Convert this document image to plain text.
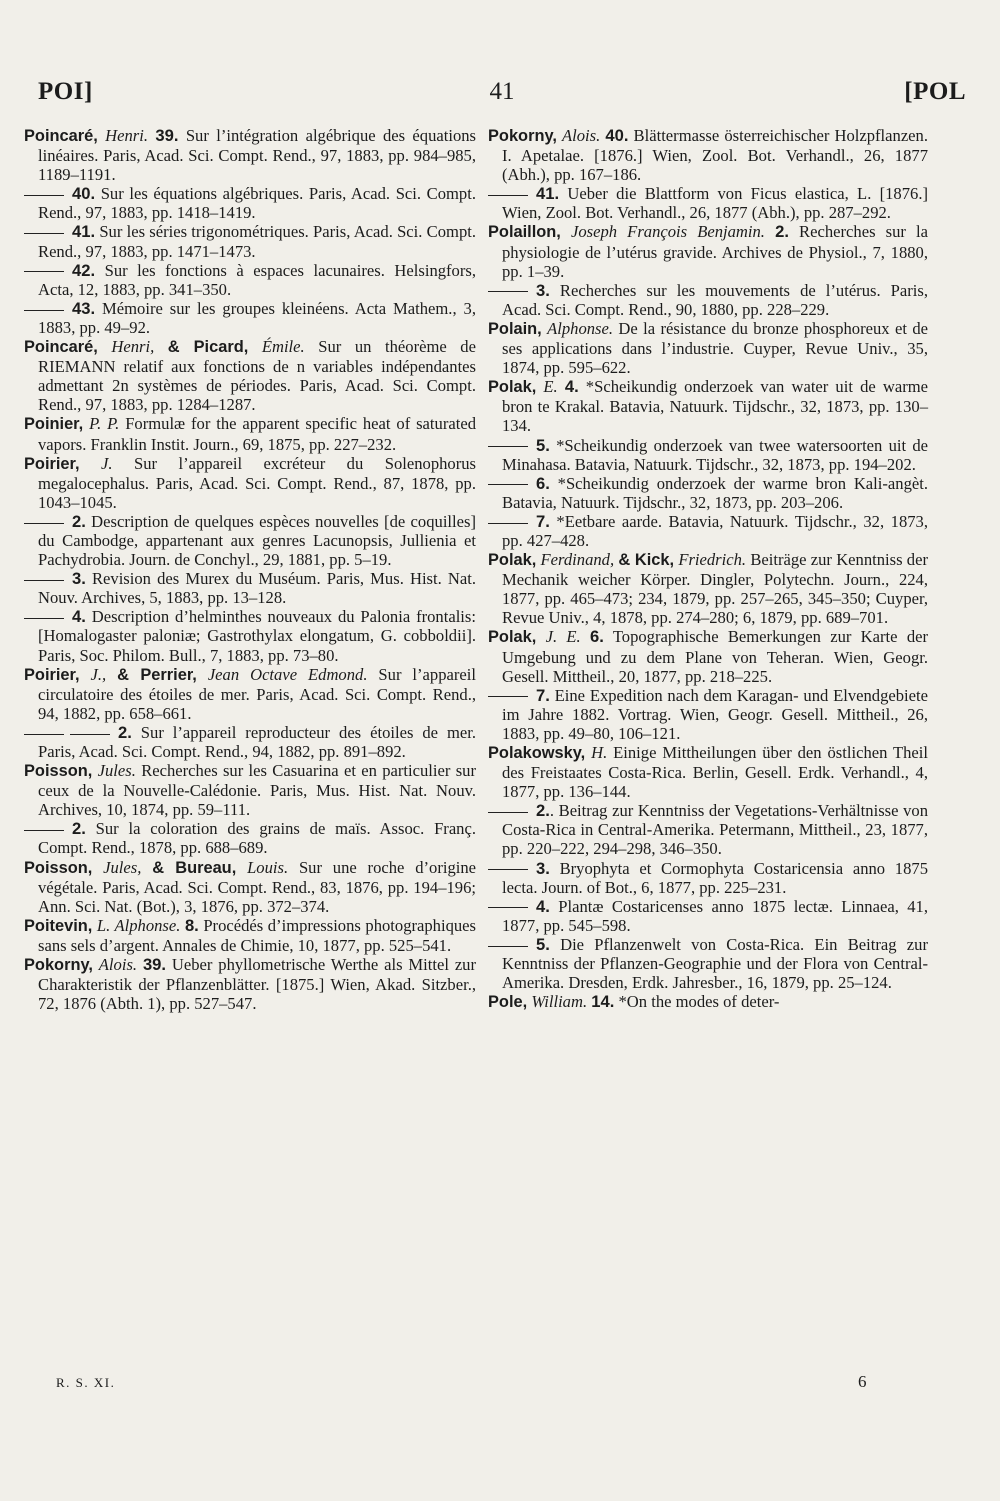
POI]	41	[POL
Poincaré, Henri. 39. Sur l’intégration algébrique des équations linéaires. Paris, Acad. Sci. Compt. Rend., 97, 1883, pp. 984–985, 1189–1191.
40. Sur les équations algébriques. Paris, Acad. Sci. Compt. Rend., 97, 1883, pp. 1418–1419.
41. Sur les séries trigonométriques. Paris, Acad. Sci. Compt. Rend., 97, 1883, pp. 1471–1473.
42. Sur les fonctions à espaces lacunaires. Helsingfors, Acta, 12, 1883, pp. 341–350.
43. Mémoire sur les groupes kleinéens. Acta Mathem., 3, 1883, pp. 49–92.
Poincaré, Henri, & Picard, Émile. Sur un théorème de RIEMANN relatif aux fonctions de n variables indépendantes admettant 2n systèmes de périodes. Paris, Acad. Sci. Compt. Rend., 97, 1883, pp. 1284–1287.
Poinier, P. P. Formulæ for the apparent specific heat of saturated vapors. Franklin Instit. Journ., 69, 1875, pp. 227–232.
Poirier, J. Sur l’appareil excréteur du Solenophorus megalocephalus. Paris, Acad. Sci. Compt. Rend., 87, 1878, pp. 1043–1045.
2. Description de quelques espèces nouvelles [de coquilles] du Cambodge, appartenant aux genres Lacunopsis, Jullienia et Pachydrobia. Journ. de Conchyl., 29, 1881, pp. 5–19.
3. Revision des Murex du Muséum. Paris, Mus. Hist. Nat. Nouv. Archives, 5, 1883, pp. 13–128.
4. Description d’helminthes nouveaux du Palonia frontalis: [Homalogaster paloniæ; Gastrothylax elongatum, G. cobboldii]. Paris, Soc. Philom. Bull., 7, 1883, pp. 73–80.
Poirier, J., & Perrier, Jean Octave Edmond. Sur l’appareil circulatoire des étoiles de mer. Paris, Acad. Sci. Compt. Rend., 94, 1882, pp. 658–661.
2. Sur l’appareil reproducteur des étoiles de mer. Paris, Acad. Sci. Compt. Rend., 94, 1882, pp. 891–892.
Poisson, Jules. Recherches sur les Casuarina et en particulier sur ceux de la Nouvelle-Calédonie. Paris, Mus. Hist. Nat. Nouv. Archives, 10, 1874, pp. 59–111.
2. Sur la coloration des grains de maïs. Assoc. Franç. Compt. Rend., 1878, pp. 688–689.
Poisson, Jules, & Bureau, Louis. Sur une roche d’origine végétale. Paris, Acad. Sci. Compt. Rend., 83, 1876, pp. 194–196; Ann. Sci. Nat. (Bot.), 3, 1876, pp. 372–374.
Poitevin, L. Alphonse. 8. Procédés d’impressions photographiques sans sels d’argent. Annales de Chimie, 10, 1877, pp. 525–541.
Pokorny, Alois. 39. Ueber phyllometrische Werthe als Mittel zur Charakteristik der Pflanzenblätter. [1875.] Wien, Akad. Sitzber., 72, 1876 (Abth. 1), pp. 527–547.
Pokorny, Alois. 40. Blättermasse österreichischer Holzpflanzen. I. Apetalae. [1876.] Wien, Zool. Bot. Verhandl., 26, 1877 (Abh.), pp. 167–186.
41. Ueber die Blattform von Ficus elastica, L. [1876.] Wien, Zool. Bot. Verhandl., 26, 1877 (Abh.), pp. 287–292.
Polaillon, Joseph François Benjamin. 2. Recherches sur la physiologie de l’utérus gravide. Archives de Physiol., 7, 1880, pp. 1–39.
3. Recherches sur les mouvements de l’utérus. Paris, Acad. Sci. Compt. Rend., 90, 1880, pp. 228–229.
Polain, Alphonse. De la résistance du bronze phosphoreux et de ses applications dans l’industrie. Cuyper, Revue Univ., 35, 1874, pp. 595–622.
Polak, E. 4. *Scheikundig onderzoek van water uit de warme bron te Krakal. Batavia, Natuurk. Tijdschr., 32, 1873, pp. 130–134.
5. *Scheikundig onderzoek van twee watersoorten uit de Minahasa. Batavia, Natuurk. Tijdschr., 32, 1873, pp. 194–202.
6. *Scheikundig onderzoek der warme bron Kali-angèt. Batavia, Natuurk. Tijdschr., 32, 1873, pp. 203–206.
7. *Eetbare aarde. Batavia, Natuurk. Tijdschr., 32, 1873, pp. 427–428.
Polak, Ferdinand, & Kick, Friedrich. Beiträge zur Kenntniss der Mechanik weicher Körper. Dingler, Polytechn. Journ., 224, 1877, pp. 465–473; 234, 1879, pp. 257–265, 345–350; Cuyper, Revue Univ., 4, 1878, pp. 274–280; 6, 1879, pp. 689–701.
Polak, J. E. 6. Topographische Bemerkungen zur Karte der Umgebung und zu dem Plane von Teheran. Wien, Geogr. Gesell. Mittheil., 20, 1877, pp. 218–225.
7. Eine Expedition nach dem Karagan- und Elvendgebiete im Jahre 1882. Vortrag. Wien, Geogr. Gesell. Mittheil., 26, 1883, pp. 49–80, 106–121.
Polakowsky, H. Einige Mittheilungen über den östlichen Theil des Freistaates Costa-Rica. Berlin, Gesell. Erdk. Verhandl., 4, 1877, pp. 136–144.
2.. Beitrag zur Kenntniss der Vegetations-Verhältnisse von Costa-Rica in Central-Amerika. Petermann, Mittheil., 23, 1877, pp. 220–222, 294–298, 346–350.
3. Bryophyta et Cormophyta Costaricensia anno 1875 lecta. Journ. of Bot., 6, 1877, pp. 225–231.
4. Plantæ Costaricenses anno 1875 lectæ. Linnaea, 41, 1877, pp. 545–598.
5. Die Pflanzenwelt von Costa-Rica. Ein Beitrag zur Kenntniss der Pflanzen-Geographie und der Flora von Central-Amerika. Dresden, Erdk. Jahresber., 16, 1879, pp. 25–124.
Pole, William. 14. *On the modes of deter-
R. S. XI.	6
